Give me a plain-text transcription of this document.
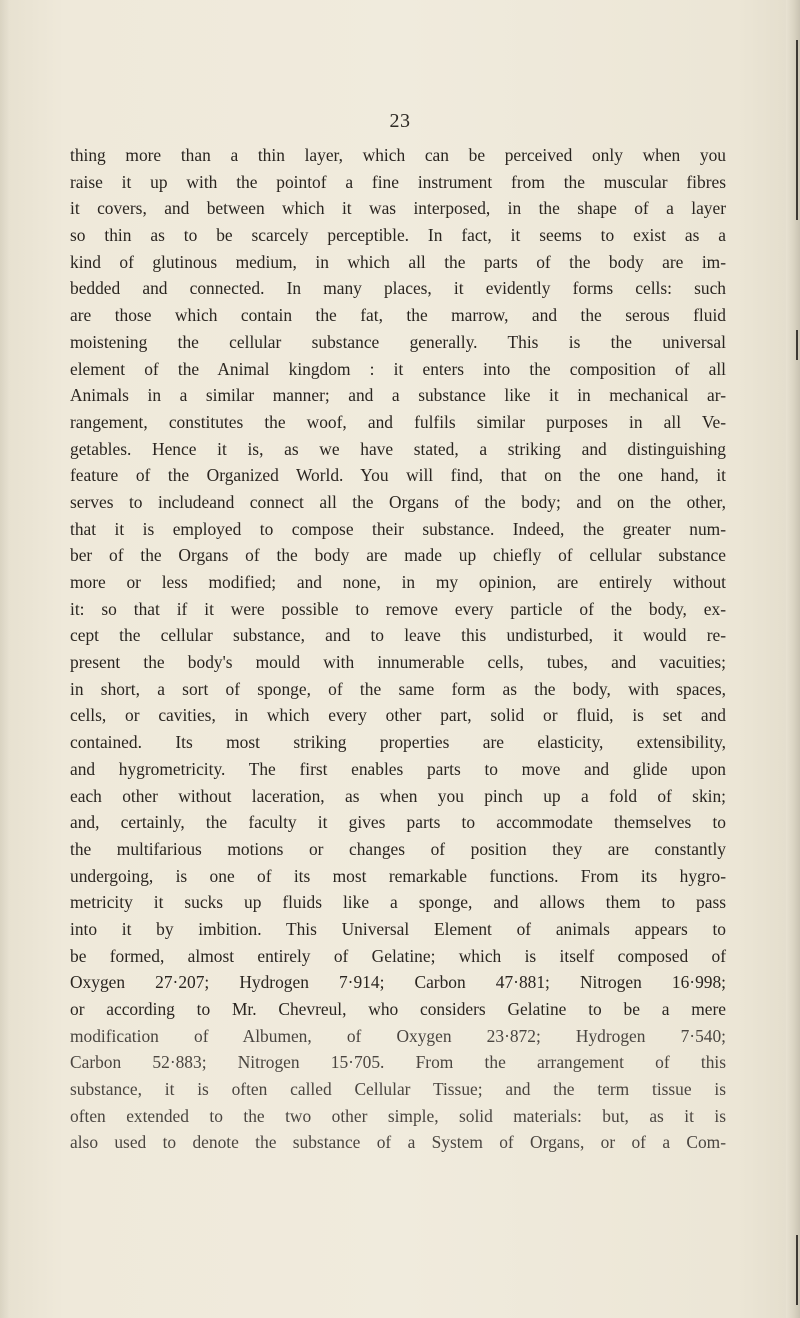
23
thing more than a thin layer, which can be perceived only when you
raise it up with the pointof a fine instrument from the muscular fibres
it covers, and between which it was interposed, in the shape of a layer
so thin as to be scarcely perceptible. In fact, it seems to exist as a
kind of glutinous medium, in which all the parts of the body are im-
bedded and connected. In many places, it evidently forms cells: such
are those which contain the fat, the marrow, and the serous fluid
moistening the cellular substance generally. This is the universal
element of the Animal kingdom : it enters into the composition of all
Animals in a similar manner; and a substance like it in mechanical ar-
rangement, constitutes the woof, and fulfils similar purposes in all Ve-
getables. Hence it is, as we have stated, a striking and distinguishing
feature of the Organized World. You will find, that on the one hand, it
serves to includeand connect all the Organs of the body; and on the other,
that it is employed to compose their substance. Indeed, the greater num-
ber of the Organs of the body are made up chiefly of cellular substance
more or less modified; and none, in my opinion, are entirely without
it: so that if it were possible to remove every particle of the body, ex-
cept the cellular substance, and to leave this undisturbed, it would re-
present the body's mould with innumerable cells, tubes, and vacuities;
in short, a sort of sponge, of the same form as the body, with spaces,
cells, or cavities, in which every other part, solid or fluid, is set and
contained. Its most striking properties are elasticity, extensibility,
and hygrometricity. The first enables parts to move and glide upon
each other without laceration, as when you pinch up a fold of skin;
and, certainly, the faculty it gives parts to accommodate themselves to
the multifarious motions or changes of position they are constantly
undergoing, is one of its most remarkable functions. From its hygro-
metricity it sucks up fluids like a sponge, and allows them to pass
into it by imbition. This Universal Element of animals appears to
be formed, almost entirely of Gelatine; which is itself composed of
Oxygen 27·207; Hydrogen 7·914; Carbon 47·881; Nitrogen 16·998;
or according to Mr. Chevreul, who considers Gelatine to be a mere
modification of Albumen, of Oxygen 23·872; Hydrogen 7·540;
Carbon 52·883; Nitrogen 15·705. From the arrangement of this
substance, it is often called Cellular Tissue; and the term tissue is
often extended to the two other simple, solid materials: but, as it is
also used to denote the substance of a System of Organs, or of a Com-
